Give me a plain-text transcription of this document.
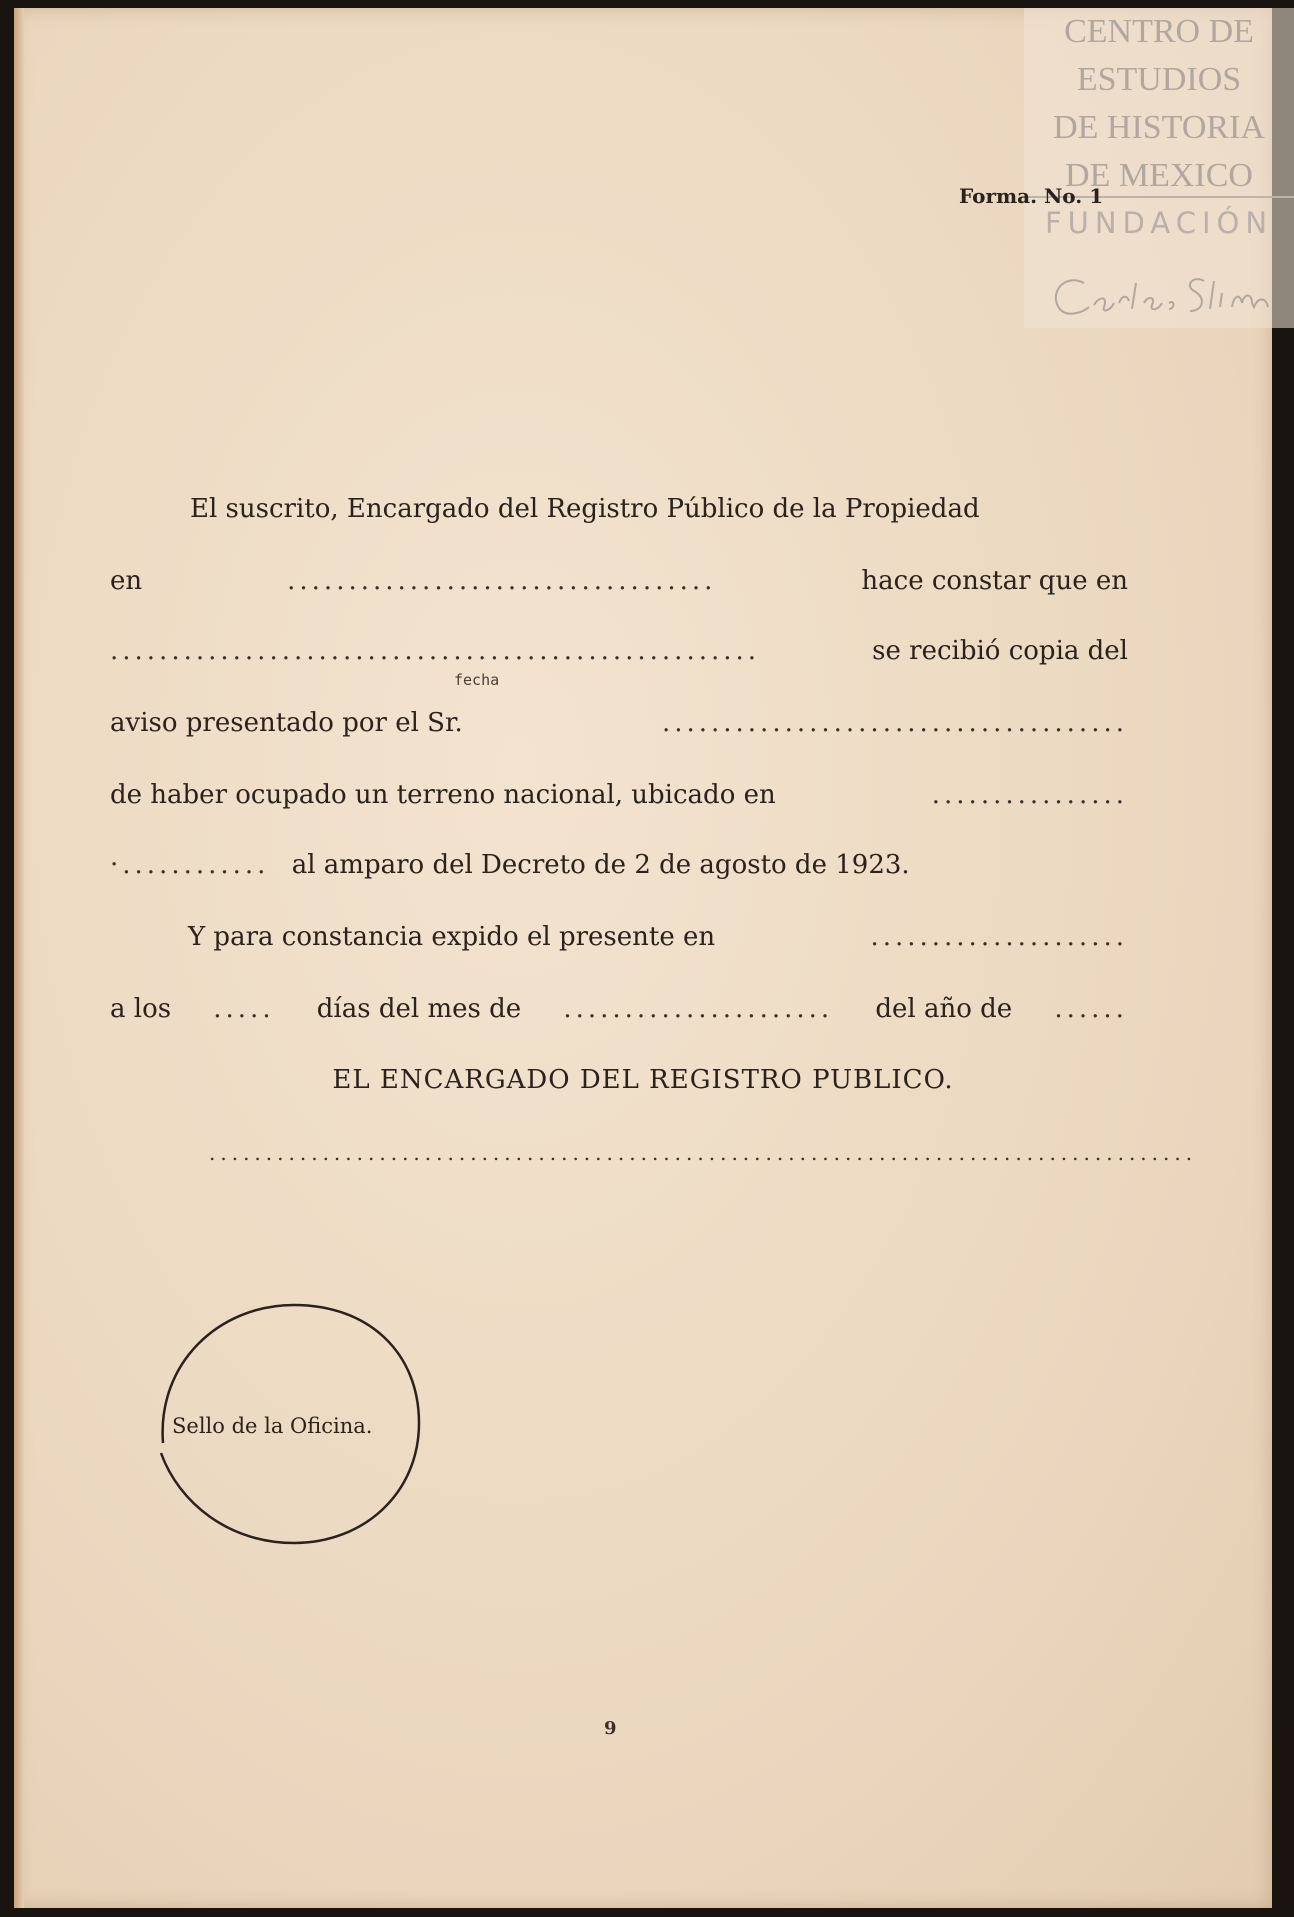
CENTRO DE
ESTUDIOS
DE HISTORIA
DE MEXICO
FUNDACIÓN
Forma. No. 1
El suscrito, Encargado del Registro Público de la Propiedad
en	...................................	hace constar que en
.....................................................	se recibió copia del
fecha
aviso presentado por el Sr.	......................................
de haber ocupado un terreno nacional, ubicado en	................
·............ al amparo del Decreto de 2 de agosto de 1923.
Y para constancia expido el presente en	.....................
a los ..... días del mes de ...................... del año de ......
EL ENCARGADO DEL REGISTRO PUBLICO.
.......................................................................................
Sello de la Oficina.
9
